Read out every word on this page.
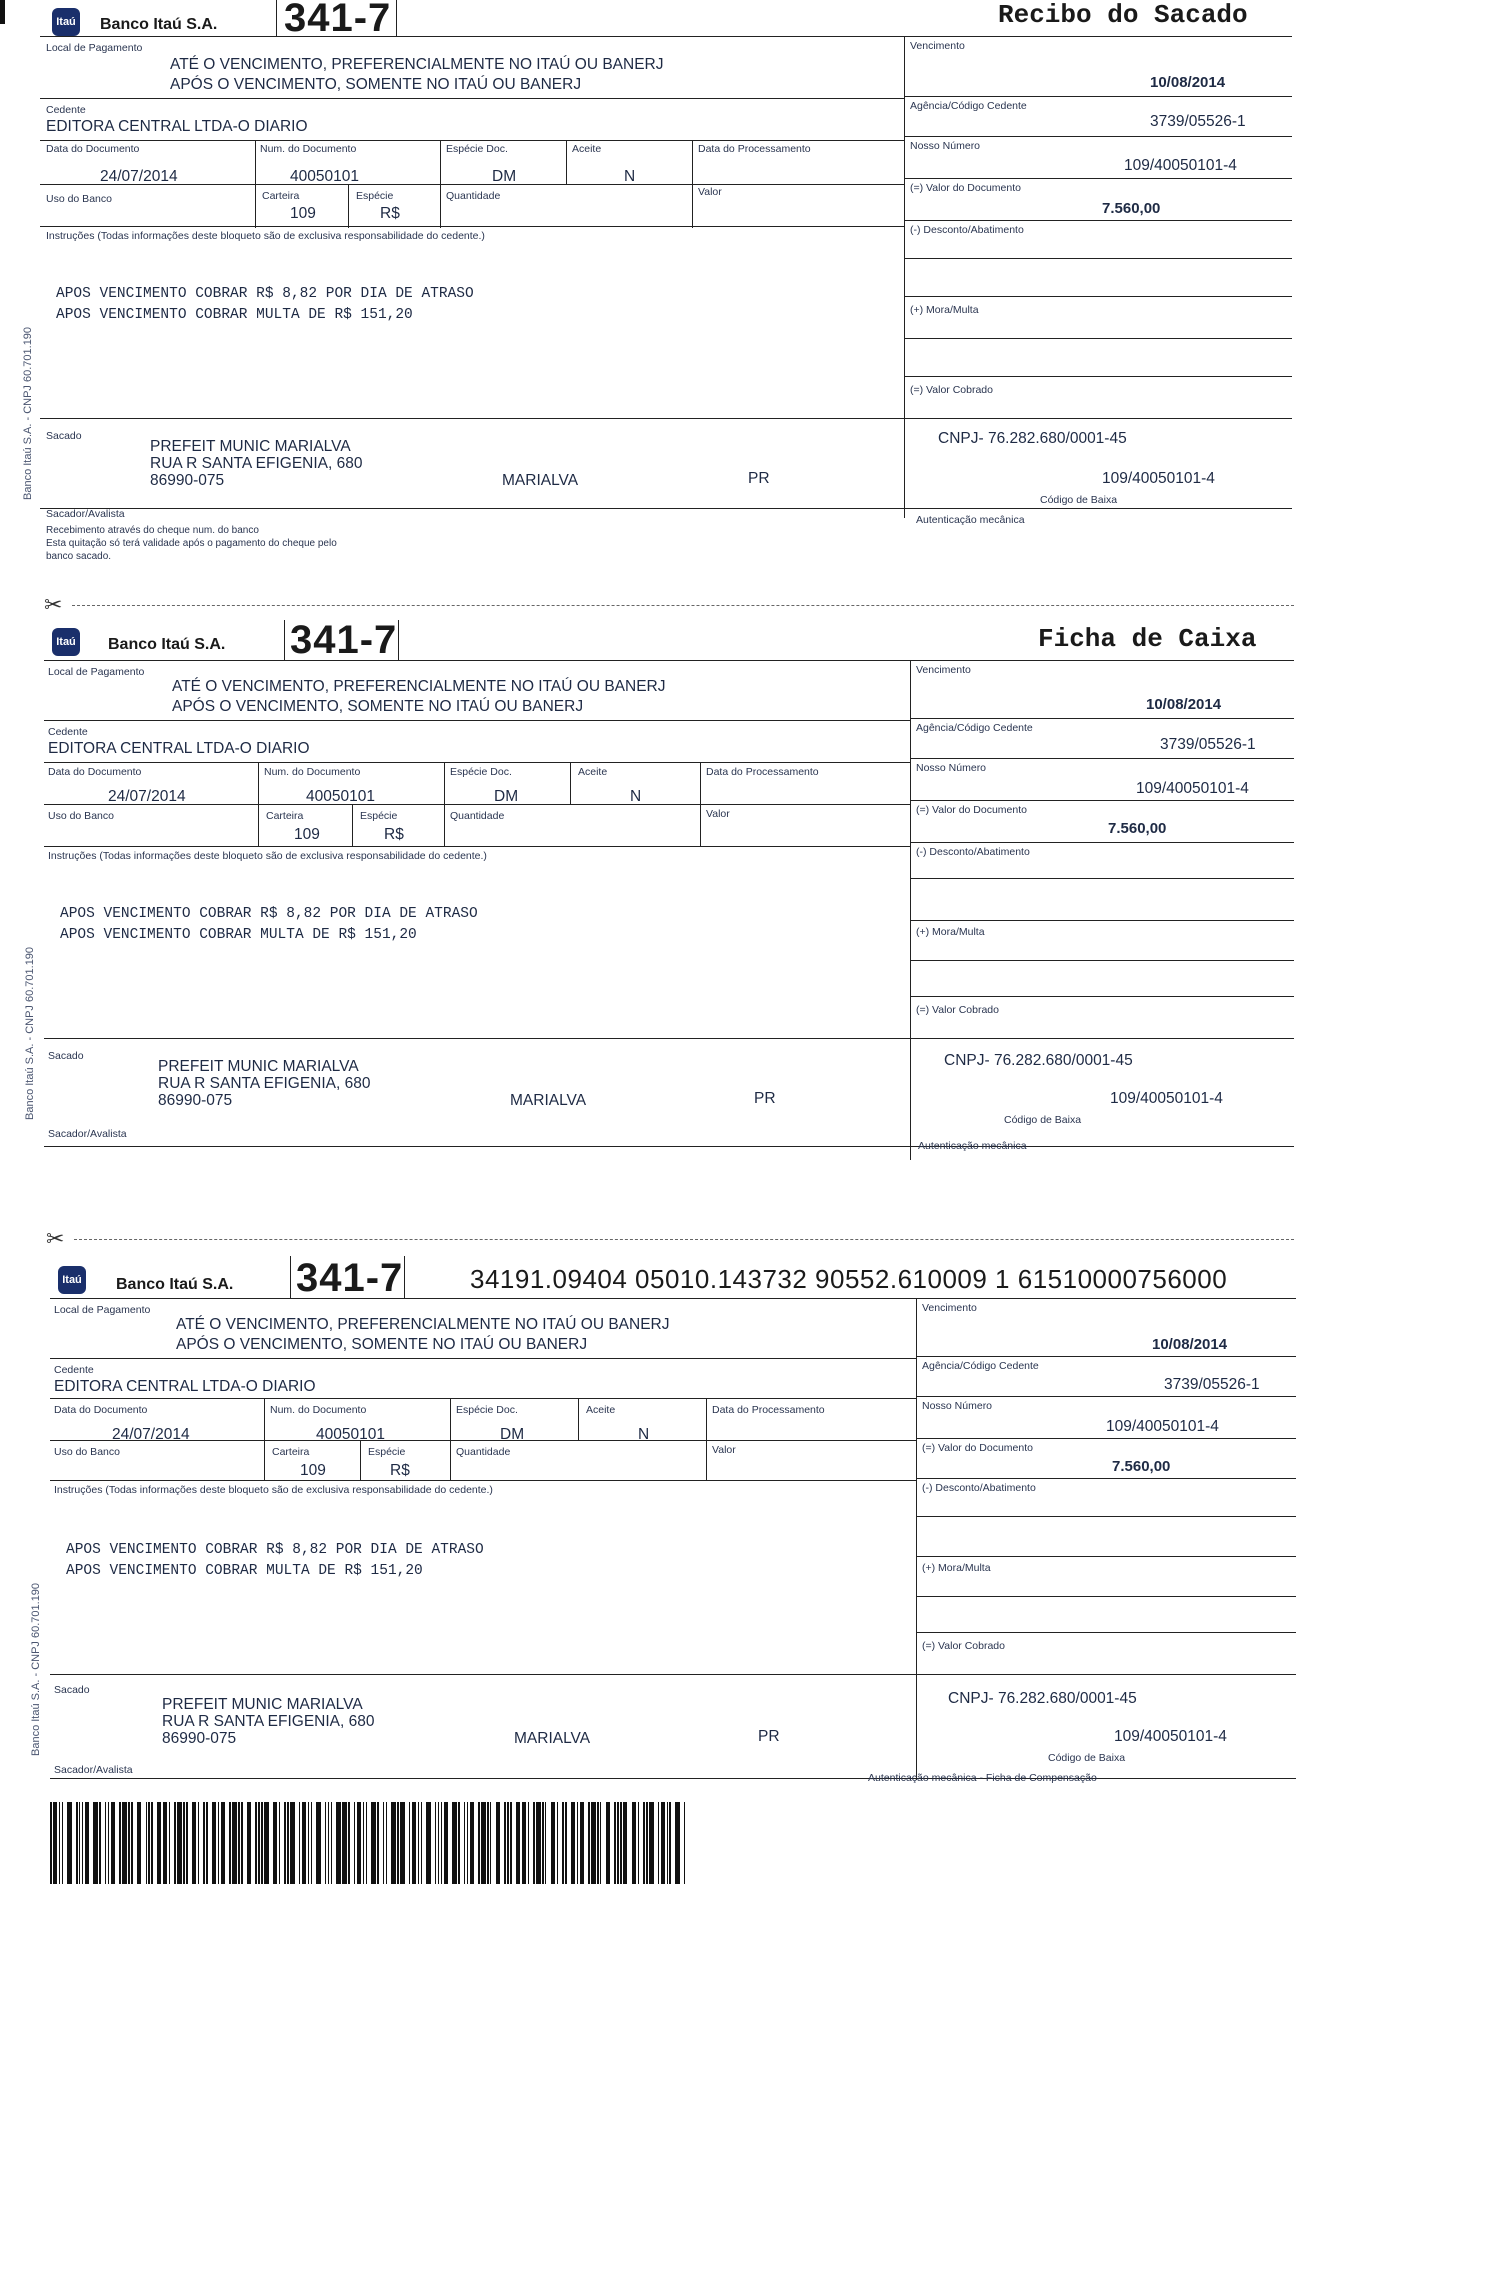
Itaú Banco Itaú S.A. 341-7	Recibo do Sacado
Local de Pagamento
ATÉ O VENCIMENTO, PREFERENCIALMENTE NO ITAÚ OU BANERJ
APÓS O VENCIMENTO, SOMENTE NO ITAÚ OU BANERJ
Cedente
EDITORA CENTRAL LTDA-O DIARIO
Data do Documento
24/07/2014
Num. do Documento
40050101
Espécie Doc.
DM
Aceite
N
Data do Processamento
Uso do Banco	Carteira
109
Espécie
R$
Quantidade	Valor
Instruções (Todas informações deste bloqueto são de exclusiva responsabilidade do cedente.)
APOS VENCIMENTO COBRAR R$ 8,82 POR DIA DE ATRASO
APOS VENCIMENTO COBRAR MULTA DE R$ 151,20
Vencimento
10/08/2014
Agência/Código Cedente
3739/05526-1
Nosso Número
109/40050101-4
(=) Valor do Documento
7.560,00
(-) Desconto/Abatimento
(+) Mora/Multa
(=) Valor Cobrado
Sacado
PREFEIT MUNIC MARIALVA
RUA R SANTA EFIGENIA, 680
86990-075	MARIALVA	PR
CNPJ- 76.282.680/0001-45
109/40050101-4
Código de Baixa
Sacador/Avalista	Autenticação mecânica
Recebimento através do cheque num. do banco
Esta quitação só terá validade após o pagamento do cheque pelo
banco sacado.
Banco Itaú S.A. - CNPJ 60.701.190
✂
Itaú Banco Itaú S.A. 341-7	Ficha de Caixa
Local de Pagamento
ATÉ O VENCIMENTO, PREFERENCIALMENTE NO ITAÚ OU BANERJ
APÓS O VENCIMENTO, SOMENTE NO ITAÚ OU BANERJ
Cedente
EDITORA CENTRAL LTDA-O DIARIO
Data do Documento
24/07/2014
Num. do Documento
40050101
Espécie Doc.
DM
Aceite
N
Data do Processamento
Uso do Banco	Carteira
109
Espécie
R$
Quantidade	Valor
Instruções (Todas informações deste bloqueto são de exclusiva responsabilidade do cedente.)
APOS VENCIMENTO COBRAR R$ 8,82 POR DIA DE ATRASO
APOS VENCIMENTO COBRAR MULTA DE R$ 151,20
Vencimento
10/08/2014
Agência/Código Cedente
3739/05526-1
Nosso Número
109/40050101-4
(=) Valor do Documento
7.560,00
(-) Desconto/Abatimento
(+) Mora/Multa
(=) Valor Cobrado
Sacado
PREFEIT MUNIC MARIALVA
RUA R SANTA EFIGENIA, 680
86990-075	MARIALVA	PR
CNPJ- 76.282.680/0001-45
109/40050101-4
Código de Baixa
Sacador/Avalista
Autenticação mecânica
Banco Itaú S.A. - CNPJ 60.701.190
✂
Itaú Banco Itaú S.A. 341-7	34191.09404 05010.143732 90552.610009 1 61510000756000
Local de Pagamento
ATÉ O VENCIMENTO, PREFERENCIALMENTE NO ITAÚ OU BANERJ
APÓS O VENCIMENTO, SOMENTE NO ITAÚ OU BANERJ
Cedente
EDITORA CENTRAL LTDA-O DIARIO
Data do Documento
24/07/2014
Num. do Documento
40050101
Espécie Doc.
DM
Aceite
N
Data do Processamento
Uso do Banco	Carteira
109
Espécie
R$
Quantidade	Valor
Instruções (Todas informações deste bloqueto são de exclusiva responsabilidade do cedente.)
APOS VENCIMENTO COBRAR R$ 8,82 POR DIA DE ATRASO
APOS VENCIMENTO COBRAR MULTA DE R$ 151,20
Vencimento
10/08/2014
Agência/Código Cedente
3739/05526-1
Nosso Número
109/40050101-4
(=) Valor do Documento
7.560,00
(-) Desconto/Abatimento
(+) Mora/Multa
(=) Valor Cobrado
Sacado
PREFEIT MUNIC MARIALVA
RUA R SANTA EFIGENIA, 680
86990-075	MARIALVA	PR
CNPJ- 76.282.680/0001-45
109/40050101-4
Código de Baixa
Sacador/Avalista
Autenticação mecânica - Ficha de Compensação
Banco Itaú S.A. - CNPJ 60.701.190
